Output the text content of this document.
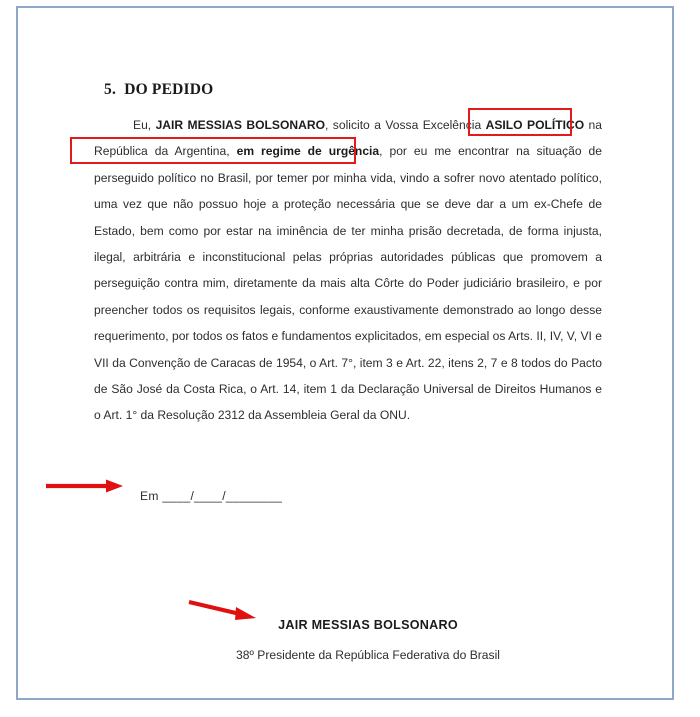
5. DO PEDIDO

Eu, JAIR MESSIAS BOLSONARO, solicito a Vossa Excelência ASILO POLÍTICO na República da Argentina, em regime de urgência, por eu me encontrar na situação de perseguido político no Brasil, por temer por minha vida, vindo a sofrer novo atentado político, uma vez que não possuo hoje a proteção necessária que se deve dar a um ex-Chefe de Estado, bem como por estar na iminência de ter minha prisão decretada, de forma injusta, ilegal, arbitrária e inconstitucional pelas próprias autoridades públicas que promovem a perseguição contra mim, diretamente da mais alta Côrte do Poder judiciário brasileiro, e por preencher todos os requisitos legais, conforme exaustivamente demonstrado ao longo desse requerimento, por todos os fatos e fundamentos explicitados, em especial os Arts. II, IV, V, VI e VII da Convenção de Caracas de 1954, o Art. 7°, item 3 e Art. 22, itens 2, 7 e 8 todos do Pacto de São José da Costa Rica, o Art. 14, item 1 da Declaração Universal de Direitos Humanos e o Art. 1° da Resolução 2312 da Assembleia Geral da ONU.

Em ____/____/________
JAIR MESSIAS BOLSONARO
38º Presidente da República Federativa do Brasil
